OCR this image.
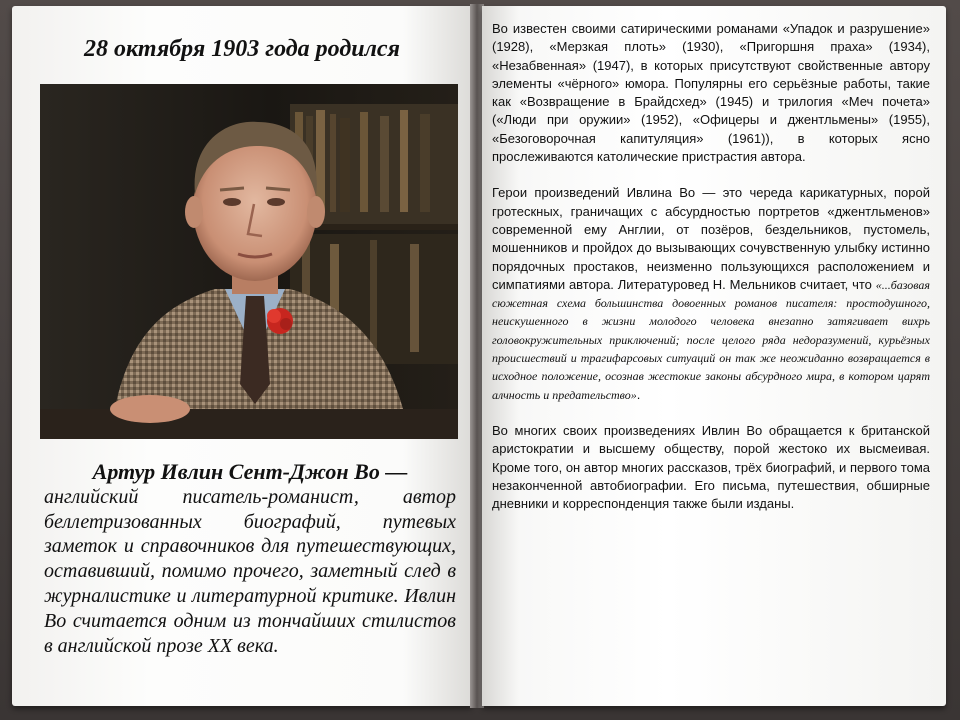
28 октября 1903 года родился
Артур Ивлин Сент-Джон Во —
английский писатель-романист, автор беллетризованных биографий, путевых заметок и справочников для путешествующих, оставивший, помимо прочего, заметный след в журналистике и литературной критике. Ивлин Во считается одним из тончайших стилистов в английской прозе XX века.

Во известен своими сатирическими романами «Упадок и разрушение» (1928), «Мерзкая плоть» (1930), «Пригоршня праха» (1934), «Незабвенная» (1947), в которых присутствуют свойственные автору элементы «чёрного» юмора. Популярны его серьёзные работы, такие как «Возвращение в Брайдсхед» (1945) и трилогия «Меч почета» («Люди при оружии» (1952), «Офицеры и джентльмены» (1955), «Безоговорочная капитуляция» (1961)), в которых ясно прослеживаются католические пристрастия автора.

Герои произведений Ивлина Во — это череда карикатурных, порой гротескных, граничащих с абсурдностью портретов «джентльменов» современной ему Англии, от позёров, бездельников, пустомель, мошенников и пройдох до вызывающих сочувственную улыбку истинно порядочных простаков, неизменно пользующихся расположением и симпатиями автора. Литературовед Н. Мельников считает, что «...базовая сюжетная схема большинства довоенных романов писателя: простодушного, неискушенного в жизни молодого человека внезапно затягивает вихрь головокружительных приключений; после целого ряда недоразумений, курьёзных происшествий и трагифарсовых ситуаций он так же неожиданно возвращается в исходное положение, осознав жестокие законы абсурдного мира, в котором царят алчность и предательство».

Во многих своих произведениях Ивлин Во обращается к британской аристократии и высшему обществу, порой жестоко их высмеивая. Кроме того, он автор многих рассказов, трёх биографий, и первого тома незаконченной автобиографии. Его письма, путешествия, обширные дневники и корреспонденция также были изданы.
